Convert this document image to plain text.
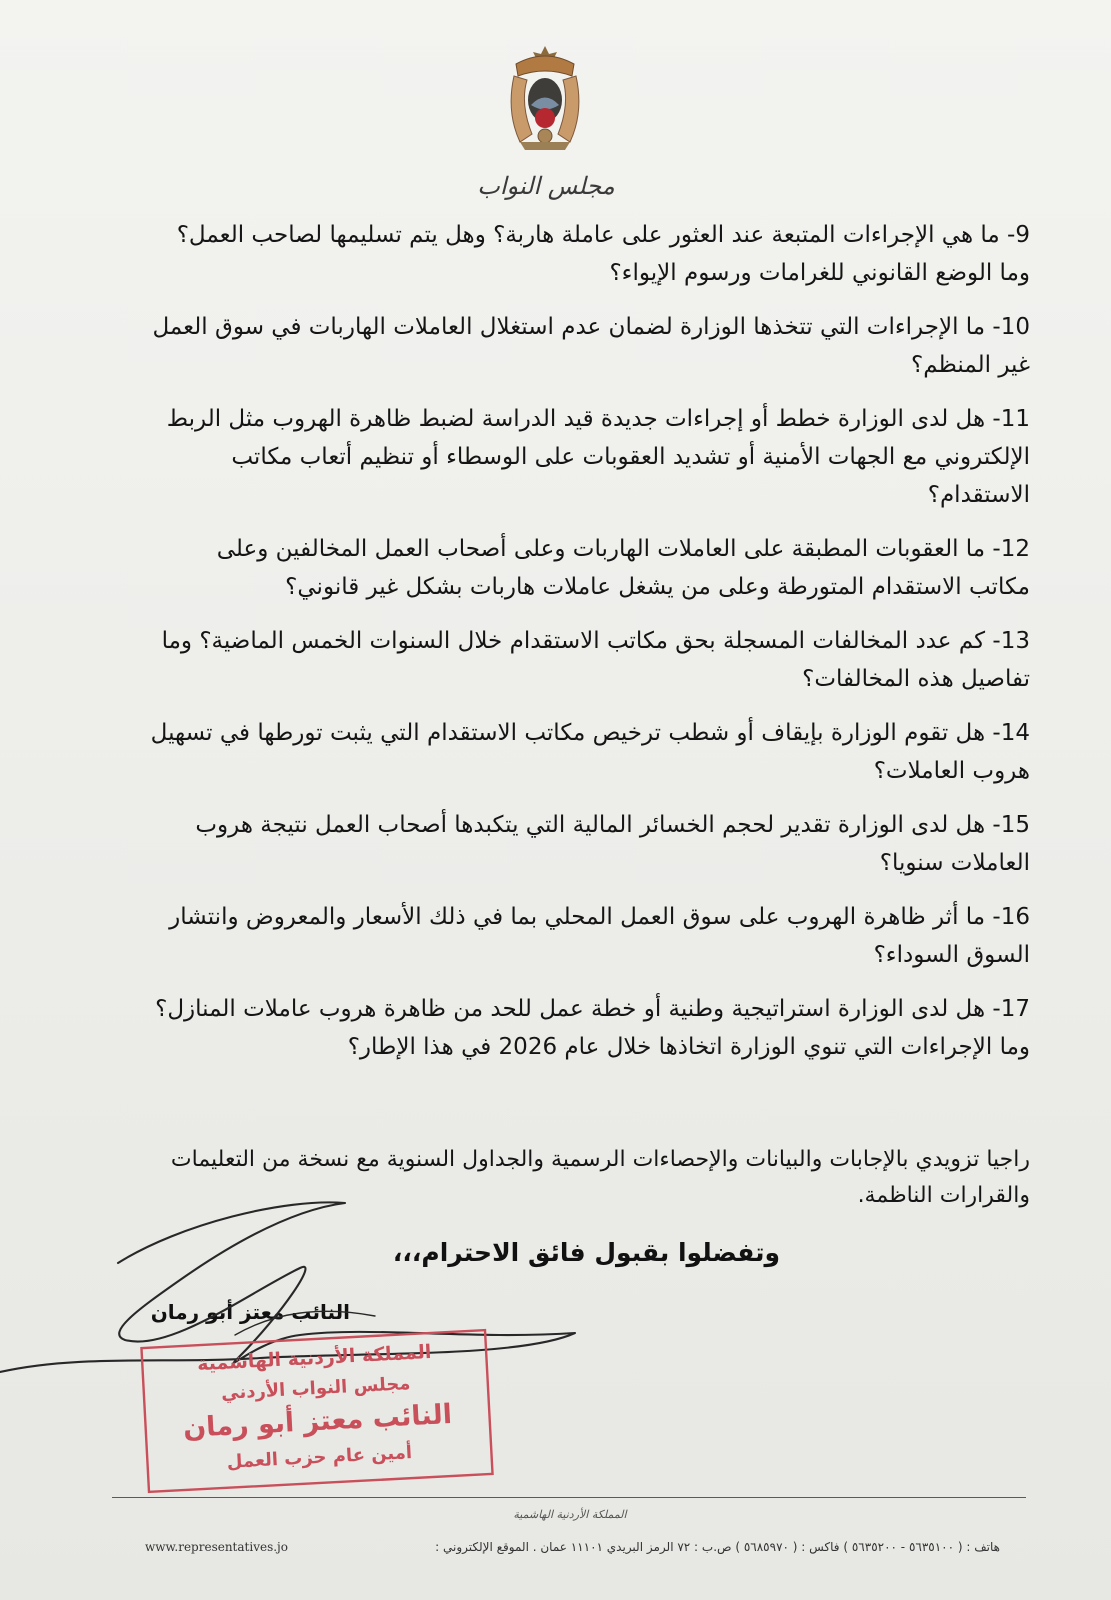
مجلس النواب

9- ما هي الإجراءات المتبعة عند العثور على عاملة هاربة؟ وهل يتم تسليمها لصاحب العمل؟ وما الوضع القانوني للغرامات ورسوم الإيواء؟

10- ما الإجراءات التي تتخذها الوزارة لضمان عدم استغلال العاملات الهاربات في سوق العمل غير المنظم؟

11- هل لدى الوزارة خطط أو إجراءات جديدة قيد الدراسة لضبط ظاهرة الهروب مثل الربط الإلكتروني مع الجهات الأمنية أو تشديد العقوبات على الوسطاء أو تنظيم أتعاب مكاتب الاستقدام؟

12- ما العقوبات المطبقة على العاملات الهاربات وعلى أصحاب العمل المخالفين وعلى مكاتب الاستقدام المتورطة وعلى من يشغل عاملات هاربات بشكل غير قانوني؟

13- كم عدد المخالفات المسجلة بحق مكاتب الاستقدام خلال السنوات الخمس الماضية؟ وما تفاصيل هذه المخالفات؟

14- هل تقوم الوزارة بإيقاف أو شطب ترخيص مكاتب الاستقدام التي يثبت تورطها في تسهيل هروب العاملات؟

15- هل لدى الوزارة تقدير لحجم الخسائر المالية التي يتكبدها أصحاب العمل نتيجة هروب العاملات سنويا؟

16- ما أثر ظاهرة الهروب على سوق العمل المحلي بما في ذلك الأسعار والمعروض وانتشار السوق السوداء؟

17- هل لدى الوزارة استراتيجية وطنية أو خطة عمل للحد من ظاهرة هروب عاملات المنازل؟ وما الإجراءات التي تنوي الوزارة اتخاذها خلال عام 2026 في هذا الإطار؟

راجيا تزويدي بالإجابات والبيانات والإحصاءات الرسمية والجداول السنوية مع نسخة من التعليمات والقرارات الناظمة.
وتفضلوا بقبول فائق الاحترام،،،
النائب معتز أبو رمان
المملكة الأردنية الهاشمية
مجلس النواب الأردني
النائب معتز أبو رمان
أمين عام حزب العمل
المملكة الأردنية الهاشمية
هاتف : ( ٥٦٣٥١٠٠ - ٥٦٣٥٢٠٠ ) فاكس : ( ٥٦٨٥٩٧٠ ) ص.ب : ٧٢ الرمز البريدي ١١١٠١ عمان . الموقع الإلكتروني :
www.representatives.jo
